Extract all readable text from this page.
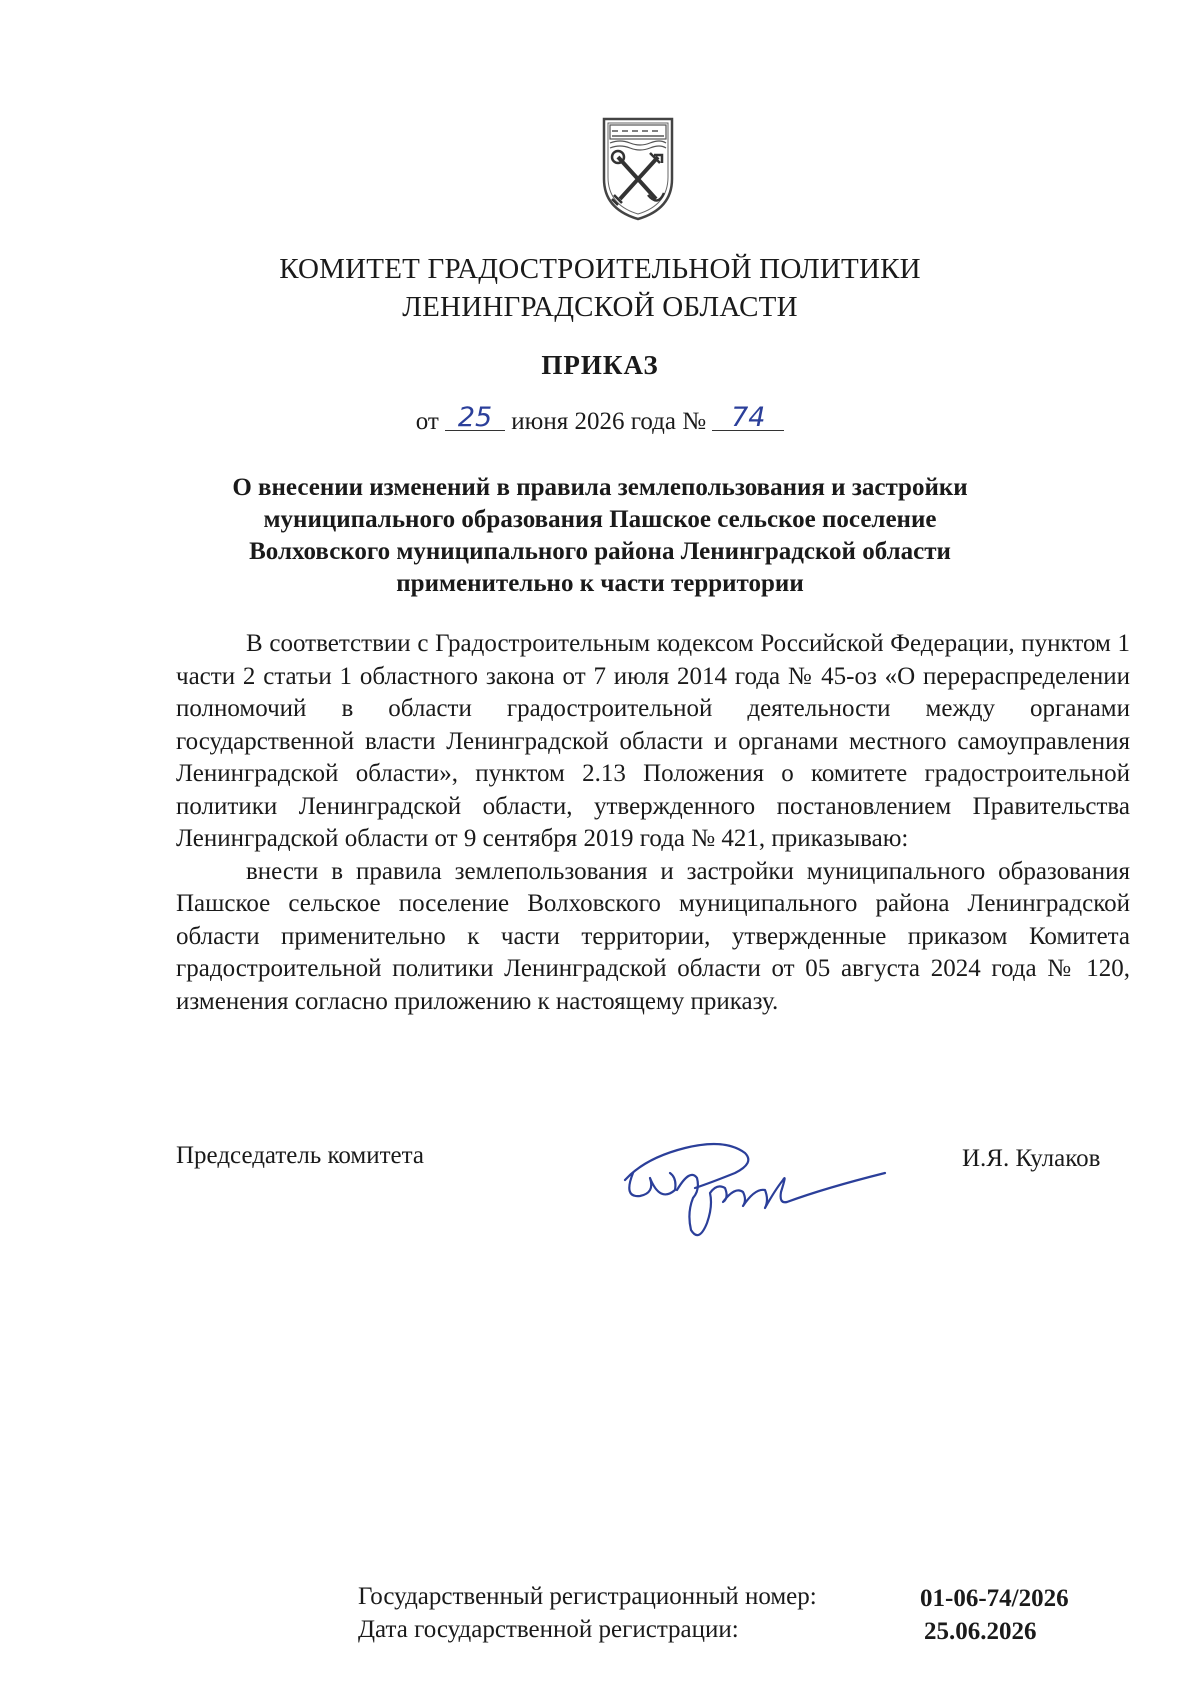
КОМИТЕТ ГРАДОСТРОИТЕЛЬНОЙ ПОЛИТИКИ
ЛЕНИНГРАДСКОЙ ОБЛАСТИ
ПРИКАЗ
от 25 июня 2026 года № 74
О внесении изменений в правила землепользования и застройки
муниципального образования Пашское сельское поселение
Волховского муниципального района Ленинградской области
применительно к части территории

В соответствии с Градостроительным кодексом Российской Федерации, пунктом 1 части 2 статьи 1 областного закона от 7 июля 2014 года № 45-оз «О перераспределении полномочий в области градостроительной деятельности между органами государственной власти Ленинградской области и органами местного самоуправления Ленинградской области», пунктом 2.13 Положения о комитете градостроительной политики Ленинградской области, утвержденного постановлением Правительства Ленинградской области от 9 сентября 2019 года № 421, приказываю:

внести в правила землепользования и застройки муниципального образования Пашское сельское поселение Волховского муниципального района Ленинградской области применительно к части территории, утвержденные приказом Комитета градостроительной политики Ленинградской области от 05 августа 2024 года № 120, изменения согласно приложению к настоящему приказу.

Председатель комитета	И.Я. Кулаков
Государственный регистрационный номер:	01-06-74/2026
Дата государственной регистрации:	25.06.2026
